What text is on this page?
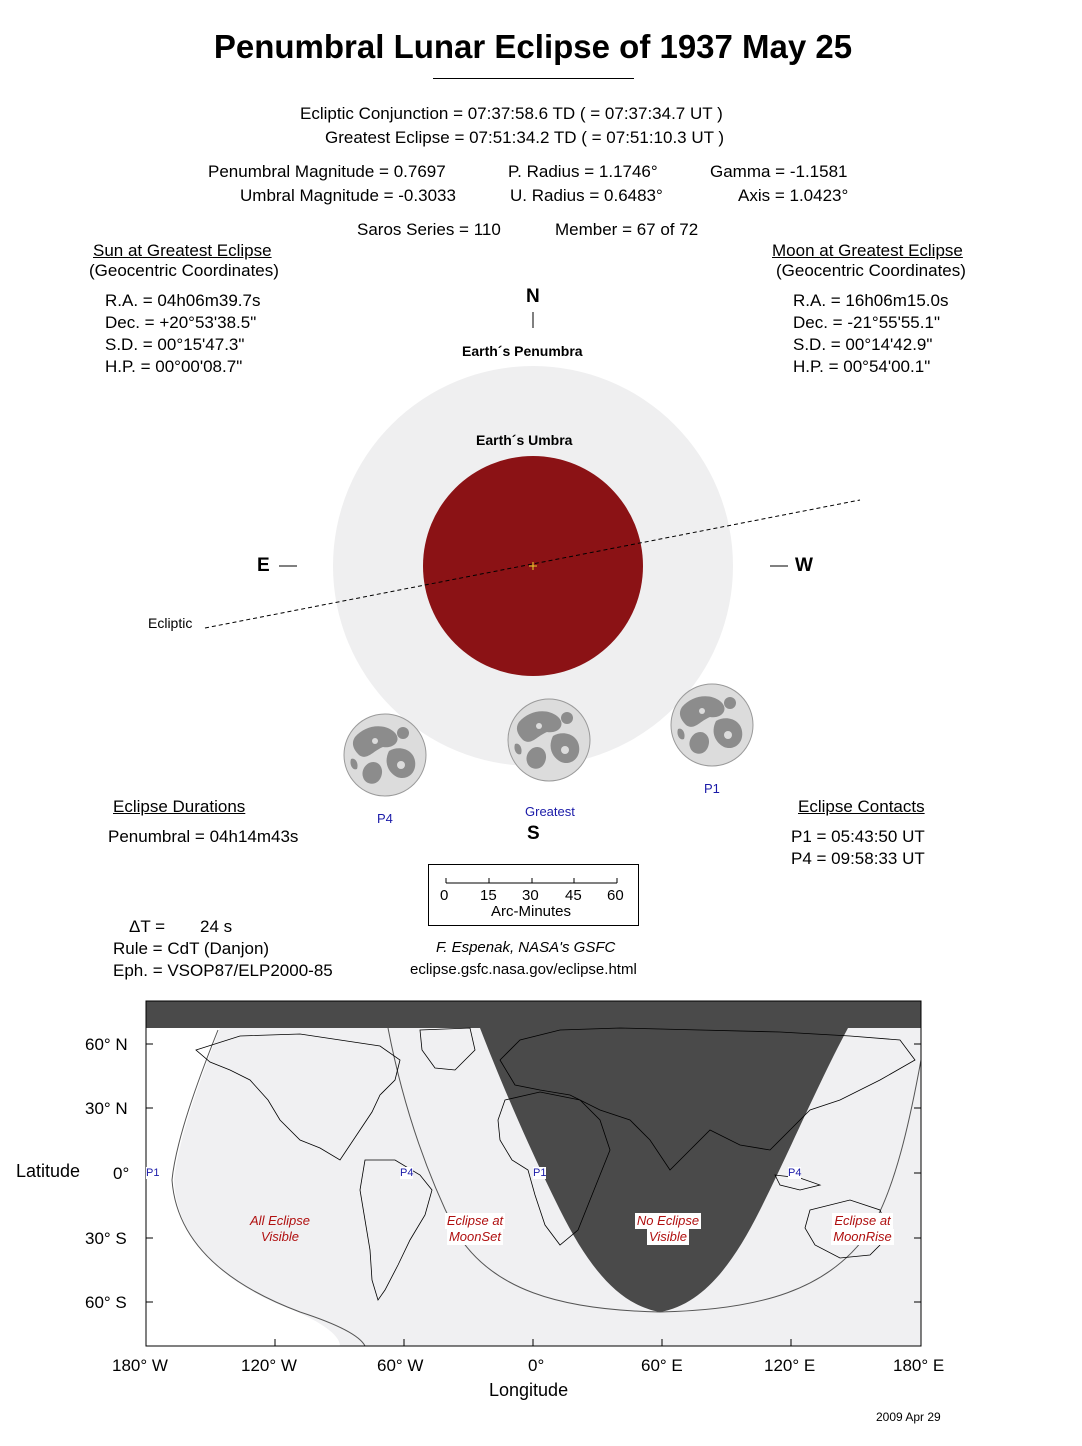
Penumbral Lunar Eclipse of 1937 May 25
Ecliptic Conjunction = 07:37:58.6 TD ( = 07:37:34.7 UT )
Greatest Eclipse = 07:51:34.2 TD ( = 07:51:10.3 UT )
Penumbral Magnitude = 0.7697
Umbral Magnitude = -0.3033
P. Radius = 1.1746°
U. Radius = 0.6483°
Gamma = -1.1581
Axis = 1.0423°
Saros Series = 110	Member = 67 of 72
Sun at Greatest Eclipse
(Geocentric Coordinates)
R.A. = 04h06m39.7s
Dec. = +20°53'38.5"
S.D. = 00°15'47.3"
H.P. = 00°00'08.7"
Moon at Greatest Eclipse
(Geocentric Coordinates)
R.A. = 16h06m15.0s
Dec. = -21°55'55.1"
S.D. = 00°14'42.9"
H.P. = 00°54'00.1"
N
Earth´s Penumbra
Earth´s Umbra
E	W
Ecliptic
P4	Greatest
P1
S
Eclipse Durations
Penumbral = 04h14m43s
Eclipse Contacts
P1 = 05:43:50 UT
P4 = 09:58:33 UT
0 15 30 45 60
Arc-Minutes
ΔT = 24 s
Rule = CdT (Danjon)
Eph. = VSOP87/ELP2000-85
F. Espenak, NASA's GSFC
eclipse.gsfc.nasa.gov/eclipse.html
Latitude
60° N
30° N
0°
30° S
60° S
180° W	120° W	60° W	0°	60° E	120° E	180° E
Longitude
P1	P4	P1	P4
All Eclipse
Visible
Eclipse at
MoonSet
No Eclipse
Visible
Eclipse at
MoonRise
2009 Apr 29
